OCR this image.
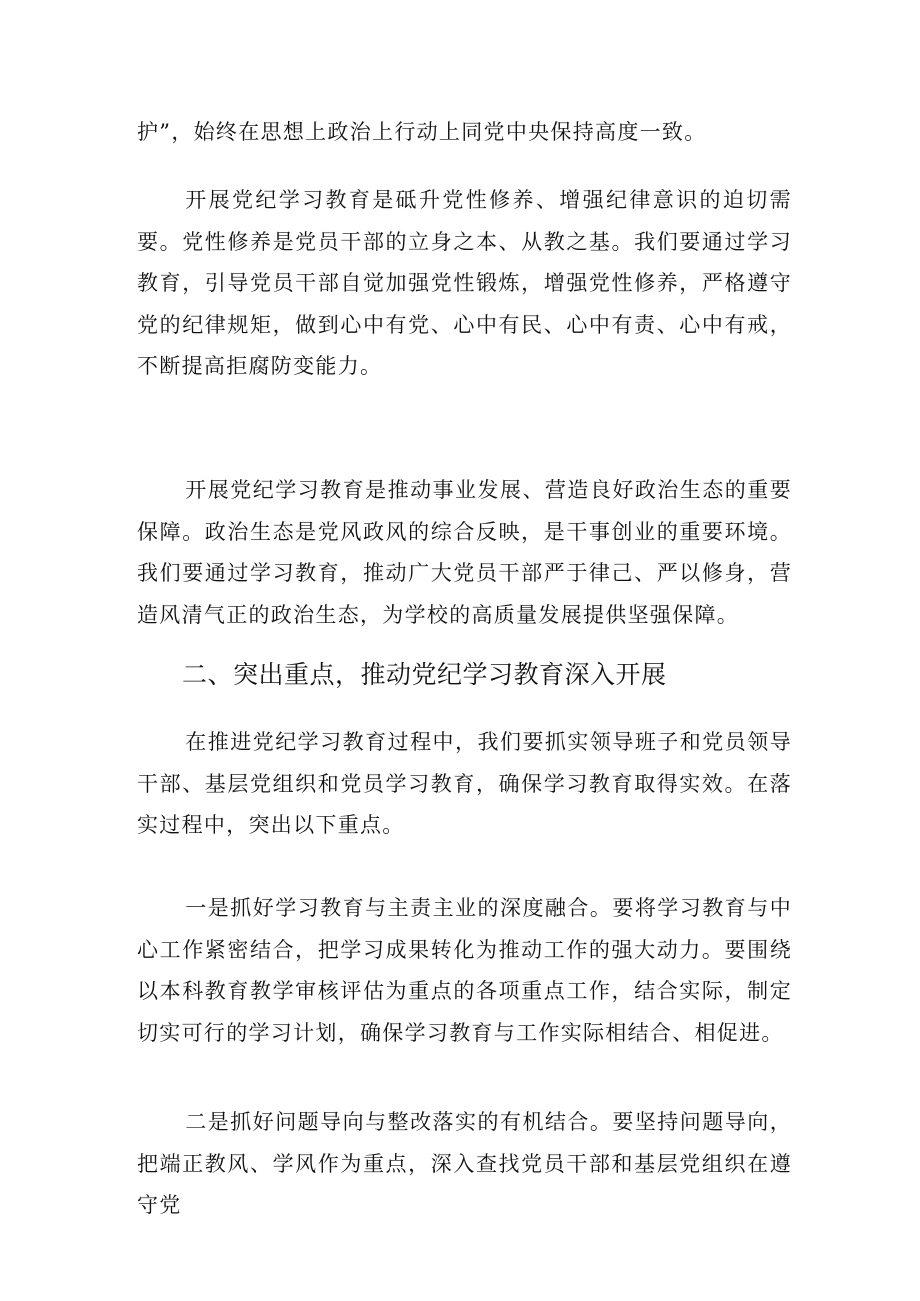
护”，始终在思想上政治上行动上同党中央保持高度一致。

开展党纪学习教育是砥升党性修养、增强纪律意识的迫切需要。党性修养是党员干部的立身之本、从教之基。我们要通过学习教育，引导党员干部自觉加强党性锻炼，增强党性修养，严格遵守党的纪律规矩，做到心中有党、心中有民、心中有责、心中有戒，不断提高拒腐防变能力。

开展党纪学习教育是推动事业发展、营造良好政治生态的重要保障。政治生态是党风政风的综合反映，是干事创业的重要环境。我们要通过学习教育，推动广大党员干部严于律己、严以修身，营造风清气正的政治生态，为学校的高质量发展提供坚强保障。

二、突出重点，推动党纪学习教育深入开展

在推进党纪学习教育过程中，我们要抓实领导班子和党员领导干部、基层党组织和党员学习教育，确保学习教育取得实效。在落实过程中，突出以下重点。

一是抓好学习教育与主责主业的深度融合。要将学习教育与中心工作紧密结合，把学习成果转化为推动工作的强大动力。要围绕以本科教育教学审核评估为重点的各项重点工作，结合实际，制定切实可行的学习计划，确保学习教育与工作实际相结合、相促进。

二是抓好问题导向与整改落实的有机结合。要坚持问题导向，把端正教风、学风作为重点，深入查找党员干部和基层党组织在遵守党
